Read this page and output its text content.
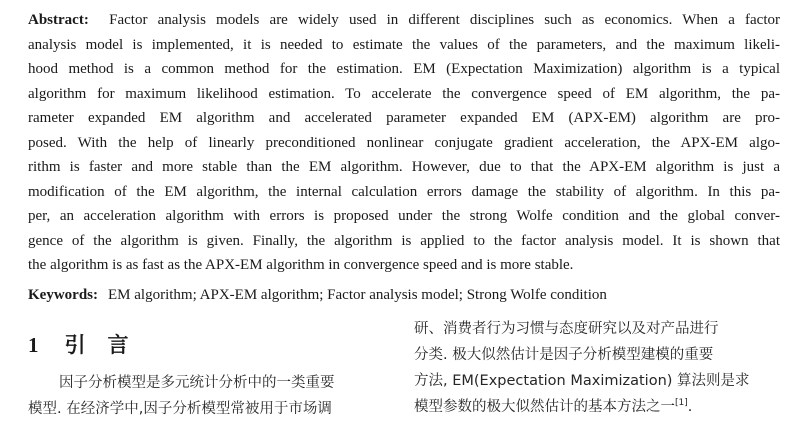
Abstract: Factor analysis models are widely used in different disciplines such as economics. When a factor
analysis model is implemented, it is needed to estimate the values of the parameters, and the maximum likeli-
hood method is a common method for the estimation. EM (Expectation Maximization) algorithm is a typical
algorithm for maximum likelihood estimation. To accelerate the convergence speed of EM algorithm, the pa-
rameter expanded EM algorithm and accelerated parameter expanded EM (APX-EM) algorithm are pro-
posed. With the help of linearly preconditioned nonlinear conjugate gradient acceleration, the APX-EM algo-
rithm is faster and more stable than the EM algorithm. However, due to that the APX-EM algorithm is just a
modification of the EM algorithm, the internal calculation errors damage the stability of algorithm. In this pa-
per, an acceleration algorithm with errors is proposed under the strong Wolfe condition and the global conver-
gence of the algorithm is given. Finally, the algorithm is applied to the factor analysis model. It is shown that
the algorithm is as fast as the APX-EM algorithm in convergence speed and is more stable.
Keywords: EM algorithm; APX-EM algorithm; Factor analysis model; Strong Wolfe condition
1 引言
因子分析模型是多元统计分析中的一类重要
模型. 在经济学中,因子分析模型常被用于市场调
研、消费者行为习惯与态度研究以及对产品进行
分类. 极大似然估计是因子分析模型建模的重要
方法, EM(Expectation Maximization) 算法则是求
模型参数的极大似然估计的基本方法之一[1].
